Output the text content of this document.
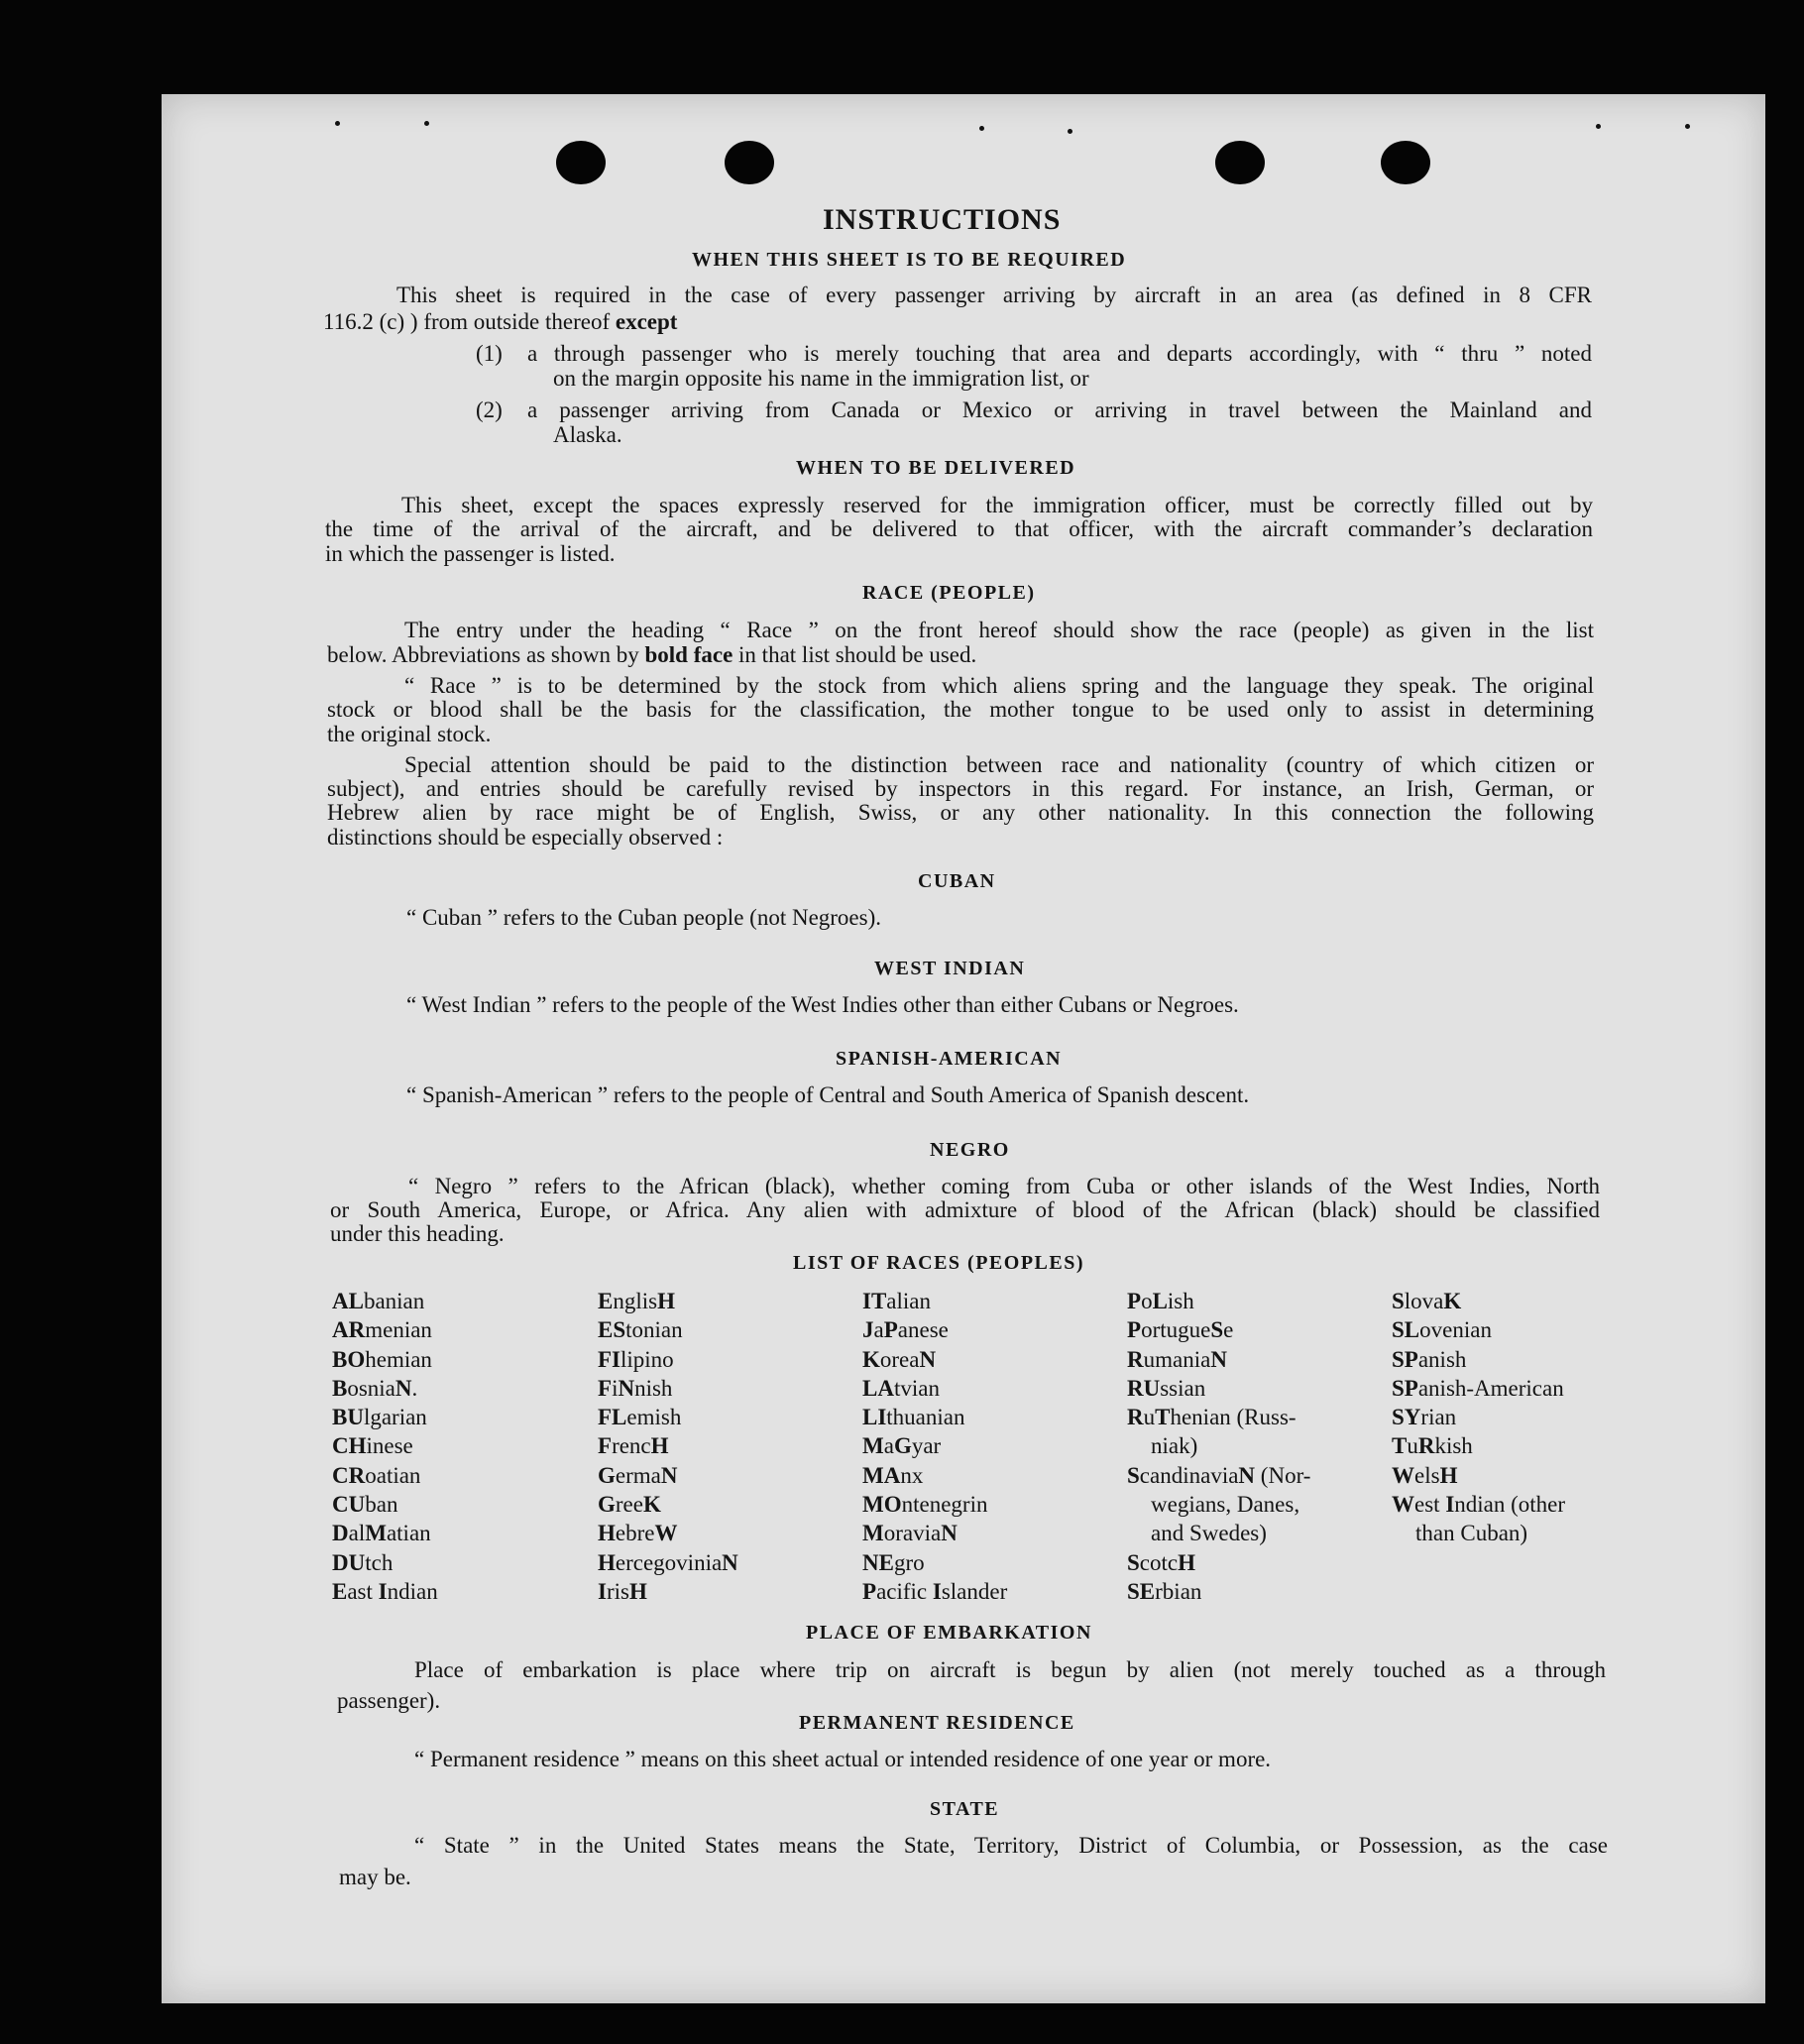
INSTRUCTIONS
WHEN THIS SHEET IS TO BE REQUIRED
This sheet is required in the case of every passenger arriving by aircraft in an area (as defined in 8 CFR
116.2 (c) ) from outside thereof except
(1) a through passenger who is merely touching that area and departs accordingly, with “ thru ” noted
on the margin opposite his name in the immigration list, or
(2) a passenger arriving from Canada or Mexico or arriving in travel between the Mainland and
Alaska.
WHEN TO BE DELIVERED
This sheet, except the spaces expressly reserved for the immigration officer, must be correctly filled out by
the time of the arrival of the aircraft, and be delivered to that officer, with the aircraft commander’s declaration
in which the passenger is listed.
RACE (PEOPLE)
The entry under the heading “ Race ” on the front hereof should show the race (people) as given in the list
below. Abbreviations as shown by bold face in that list should be used.
“ Race ” is to be determined by the stock from which aliens spring and the language they speak. The original
stock or blood shall be the basis for the classification, the mother tongue to be used only to assist in determining
the original stock.
Special attention should be paid to the distinction between race and nationality (country of which citizen or
subject), and entries should be carefully revised by inspectors in this regard. For instance, an Irish, German, or
Hebrew alien by race might be of English, Swiss, or any other nationality. In this connection the following
distinctions should be especially observed :
CUBAN
“ Cuban ” refers to the Cuban people (not Negroes).
WEST INDIAN
“ West Indian ” refers to the people of the West Indies other than either Cubans or Negroes.
SPANISH-AMERICAN
“ Spanish-American ” refers to the people of Central and South America of Spanish descent.
NEGRO
“ Negro ” refers to the African (black), whether coming from Cuba or other islands of the West Indies, North
or South America, Europe, or Africa. Any alien with admixture of blood of the African (black) should be classified
under this heading.
LIST OF RACES (PEOPLES)
ALbanian
ARmenian
BOhemian
BosniaN.
BUlgarian
CHinese
CRoatian
CUban
DalMatian
DUtch
East Indian
EnglisH
EStonian
FIlipino
FiNnish
FLemish
FrencH
GermaN
GreeK
HebreW
HercegoviniaN
IrisH
ITalian
JaPanese
KoreaN
LAtvian
LIthuanian
MaGyar
MAnx
MOntenegrin
MoraviaN
NEgro
Pacific Islander
PoLish
PortugueSe
RumaniaN
RUssian
RuThenian (Russ-
niak)
ScandinaviaN (Nor-
wegians, Danes,
and Swedes)
ScotcH
SErbian
SlovaK
SLovenian
SPanish
SPanish-American
SYrian
TuRkish
WelsH
West Indian (other
than Cuban)
PLACE OF EMBARKATION
Place of embarkation is place where trip on aircraft is begun by alien (not merely touched as a through
passenger).
PERMANENT RESIDENCE
“ Permanent residence ” means on this sheet actual or intended residence of one year or more.
STATE
“ State ” in the United States means the State, Territory, District of Columbia, or Possession, as the case
may be.
